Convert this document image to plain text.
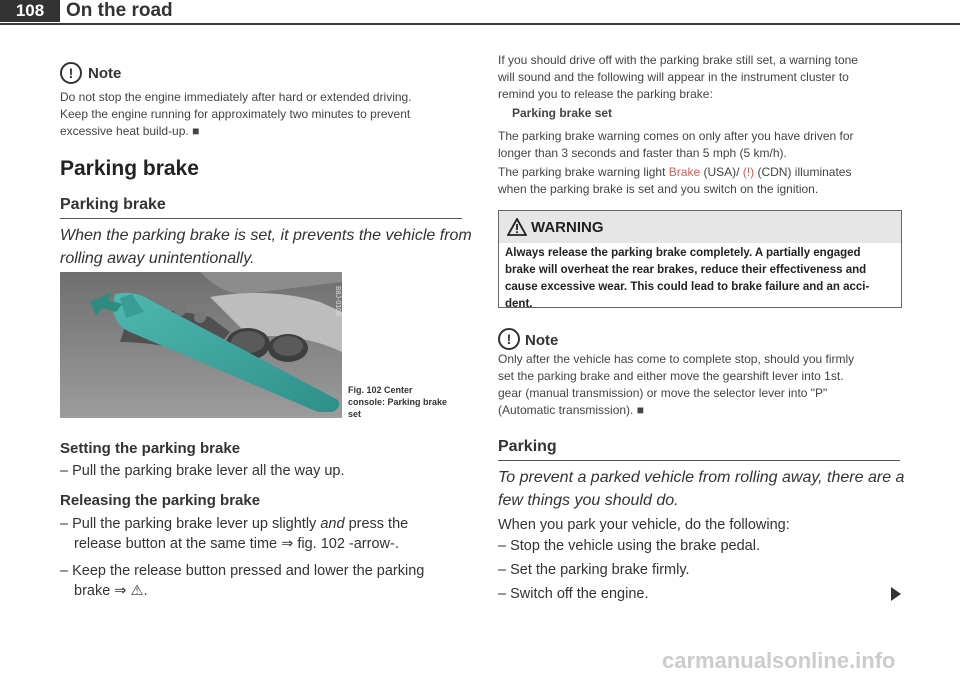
108	On the road
! Note
Do not stop the engine immediately after hard or extended driving.
Keep the engine running for approximately two minutes to prevent
excessive heat build-up. ■
Parking brake
Parking brake
When the parking brake is set, it prevents the vehicle from
rolling away unintentionally.
B8J-0108
Fig. 102 Center
console: Parking brake
set
Setting the parking brake
– Pull the parking brake lever all the way up.
Releasing the parking brake
– Pull the parking brake lever up slightly and press the
release button at the same time ⇒ fig. 102 -arrow-.
– Keep the release button pressed and lower the parking
brake ⇒ ⚠.
If you should drive off with the parking brake still set, a warning tone
will sound and the following will appear in the instrument cluster to
remind you to release the parking brake:
Parking brake set
The parking brake warning comes on only after you have driven for
longer than 3 seconds and faster than 5 mph (5 km/h).
The parking brake warning light Brake (USA)/ (!) (CDN) illuminates
when the parking brake is set and you switch on the ignition.
WARNING
Always release the parking brake completely. A partially engaged
brake will overheat the rear brakes, reduce their effectiveness and
cause excessive wear. This could lead to brake failure and an acci-
dent.
! Note
Only after the vehicle has come to complete stop, should you firmly
set the parking brake and either move the gearshift lever into 1st.
gear (manual transmission) or move the selector lever into "P"
(Automatic transmission). ■
Parking
To prevent a parked vehicle from rolling away, there are a
few things you should do.
When you park your vehicle, do the following:
– Stop the vehicle using the brake pedal.
– Set the parking brake firmly.
– Switch off the engine.
carmanualsonline.info
